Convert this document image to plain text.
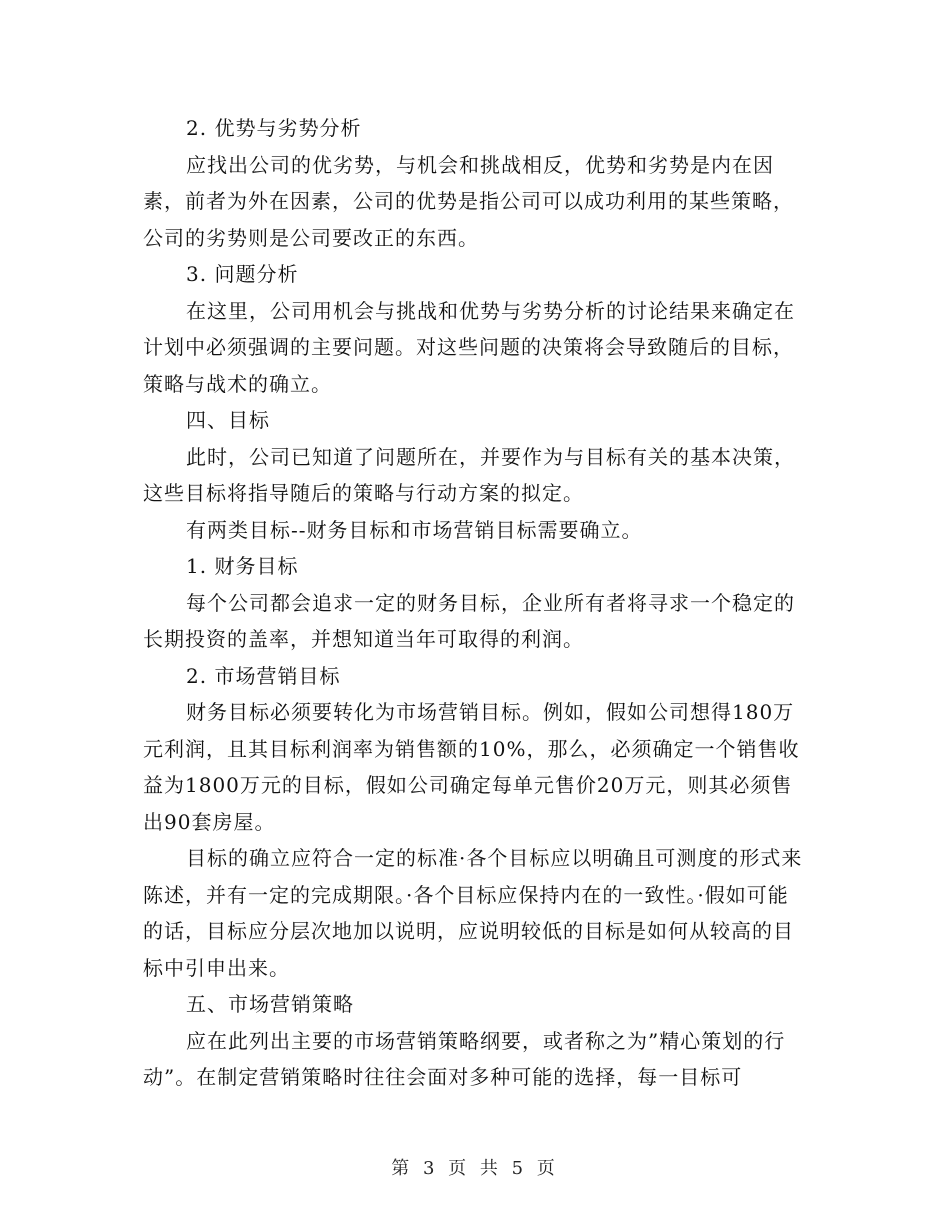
2. 优势与劣势分析

应找出公司的优劣势，与机会和挑战相反，优势和劣势是内在因素，前者为外在因素，公司的优势是指公司可以成功利用的某些策略，公司的劣势则是公司要改正的东西。

3. 问题分析

在这里，公司用机会与挑战和优势与劣势分析的讨论结果来确定在计划中必须强调的主要问题。对这些问题的决策将会导致随后的目标，策略与战术的确立。

四、目标

此时，公司已知道了问题所在，并要作为与目标有关的基本决策，这些目标将指导随后的策略与行动方案的拟定。

有两类目标--财务目标和市场营销目标需要确立。

1. 财务目标

每个公司都会追求一定的财务目标，企业所有者将寻求一个稳定的长期投资的盖率，并想知道当年可取得的利润。

2. 市场营销目标

财务目标必须要转化为市场营销目标。例如，假如公司想得180万元利润，且其目标利润率为销售额的10%，那么，必须确定一个销售收益为1800万元的目标，假如公司确定每单元售价20万元，则其必须售出90套房屋。

目标的确立应符合一定的标准·各个目标应以明确且可测度的形式来陈述，并有一定的完成期限。·各个目标应保持内在的一致性。·假如可能的话，目标应分层次地加以说明，应说明较低的目标是如何从较高的目标中引申出来。

五、市场营销策略

应在此列出主要的市场营销策略纲要，或者称之为”精心策划的行动”。在制定营销策略时往往会面对多种可能的选择，每一目标可

第 3 页 共 5 页
